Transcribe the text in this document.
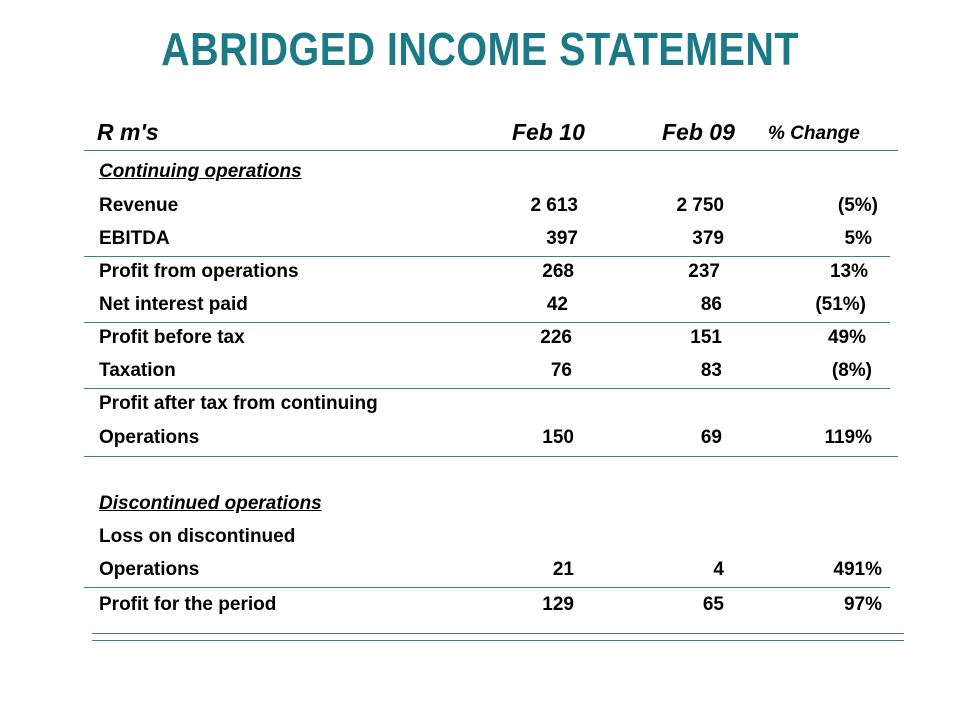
ABRIDGED INCOME STATEMENT
R m's	Feb 10	Feb 09 % Change
Continuing operations
Revenue	2 613	2 750	(5%)
EBITDA	397	379	5%
Profit from operations	268	237	13%
Net interest paid	42	86	(51%)
Profit before tax	226	151	49%
Taxation	76	83	(8%)
Profit after tax from continuing
Operations	150	69	119%
Discontinued operations
Loss on discontinued
Operations	21	4	491%
Profit for the period	129	65	97%
